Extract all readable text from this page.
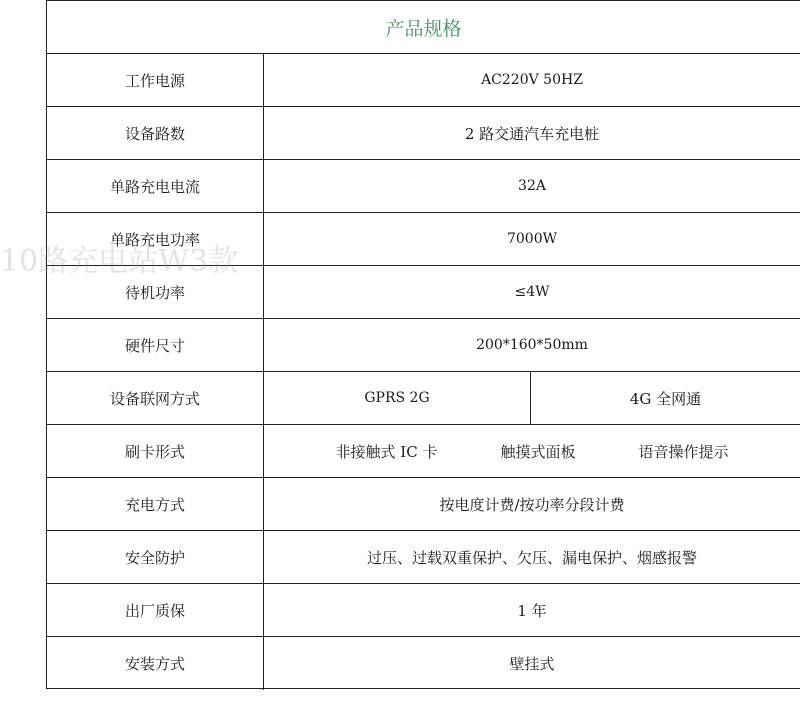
产品规格
工作电源	AC220V 50HZ
设备路数	2 路交通汽车充电桩
单路充电电流	32A
单路充电功率	7000W
待机功率	≤4W
硬件尺寸	200*160*50mm
设备联网方式	GPRS 2G	4G 全网通
刷卡形式	非接触式 IC 卡	触摸式面板	语音操作提示
充电方式	按电度计费/按功率分段计费
安全防护	过压、过载双重保护、欠压、漏电保护、烟感报警
出厂质保	1 年
安装方式	壁挂式
10路充电站W3款
